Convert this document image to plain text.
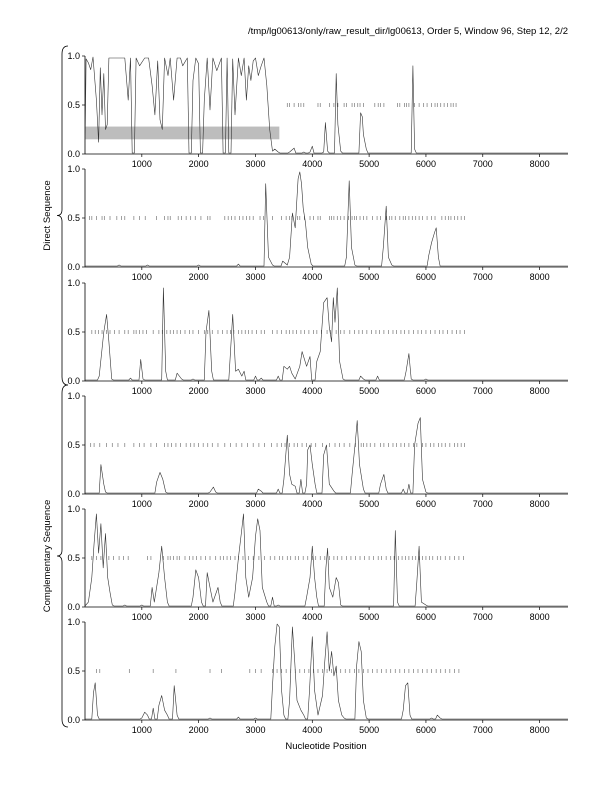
/tmp/lg00613/only/raw_result_dir/lg00613, Order 5, Window 96, Step 12, 2/2
0.0
0.5
1.0
1000	2000	3000	4000	5000	6000	7000	8000
0.0
0.5
1.0
1000	2000	3000	4000	5000	6000	7000	8000
0.0
0.5
1.0
1000	2000	3000	4000	5000	6000	7000	8000
0.0
0.5
1.0
1000	2000	3000	4000	5000	6000	7000	8000
0.0
0.5
1.0
1000	2000	3000	4000	5000	6000	7000	8000
0.0
0.5
1.0
1000	2000	3000	4000	5000	6000	7000	8000
Direct Sequence
Complementary Sequence
Nucleotide Position
